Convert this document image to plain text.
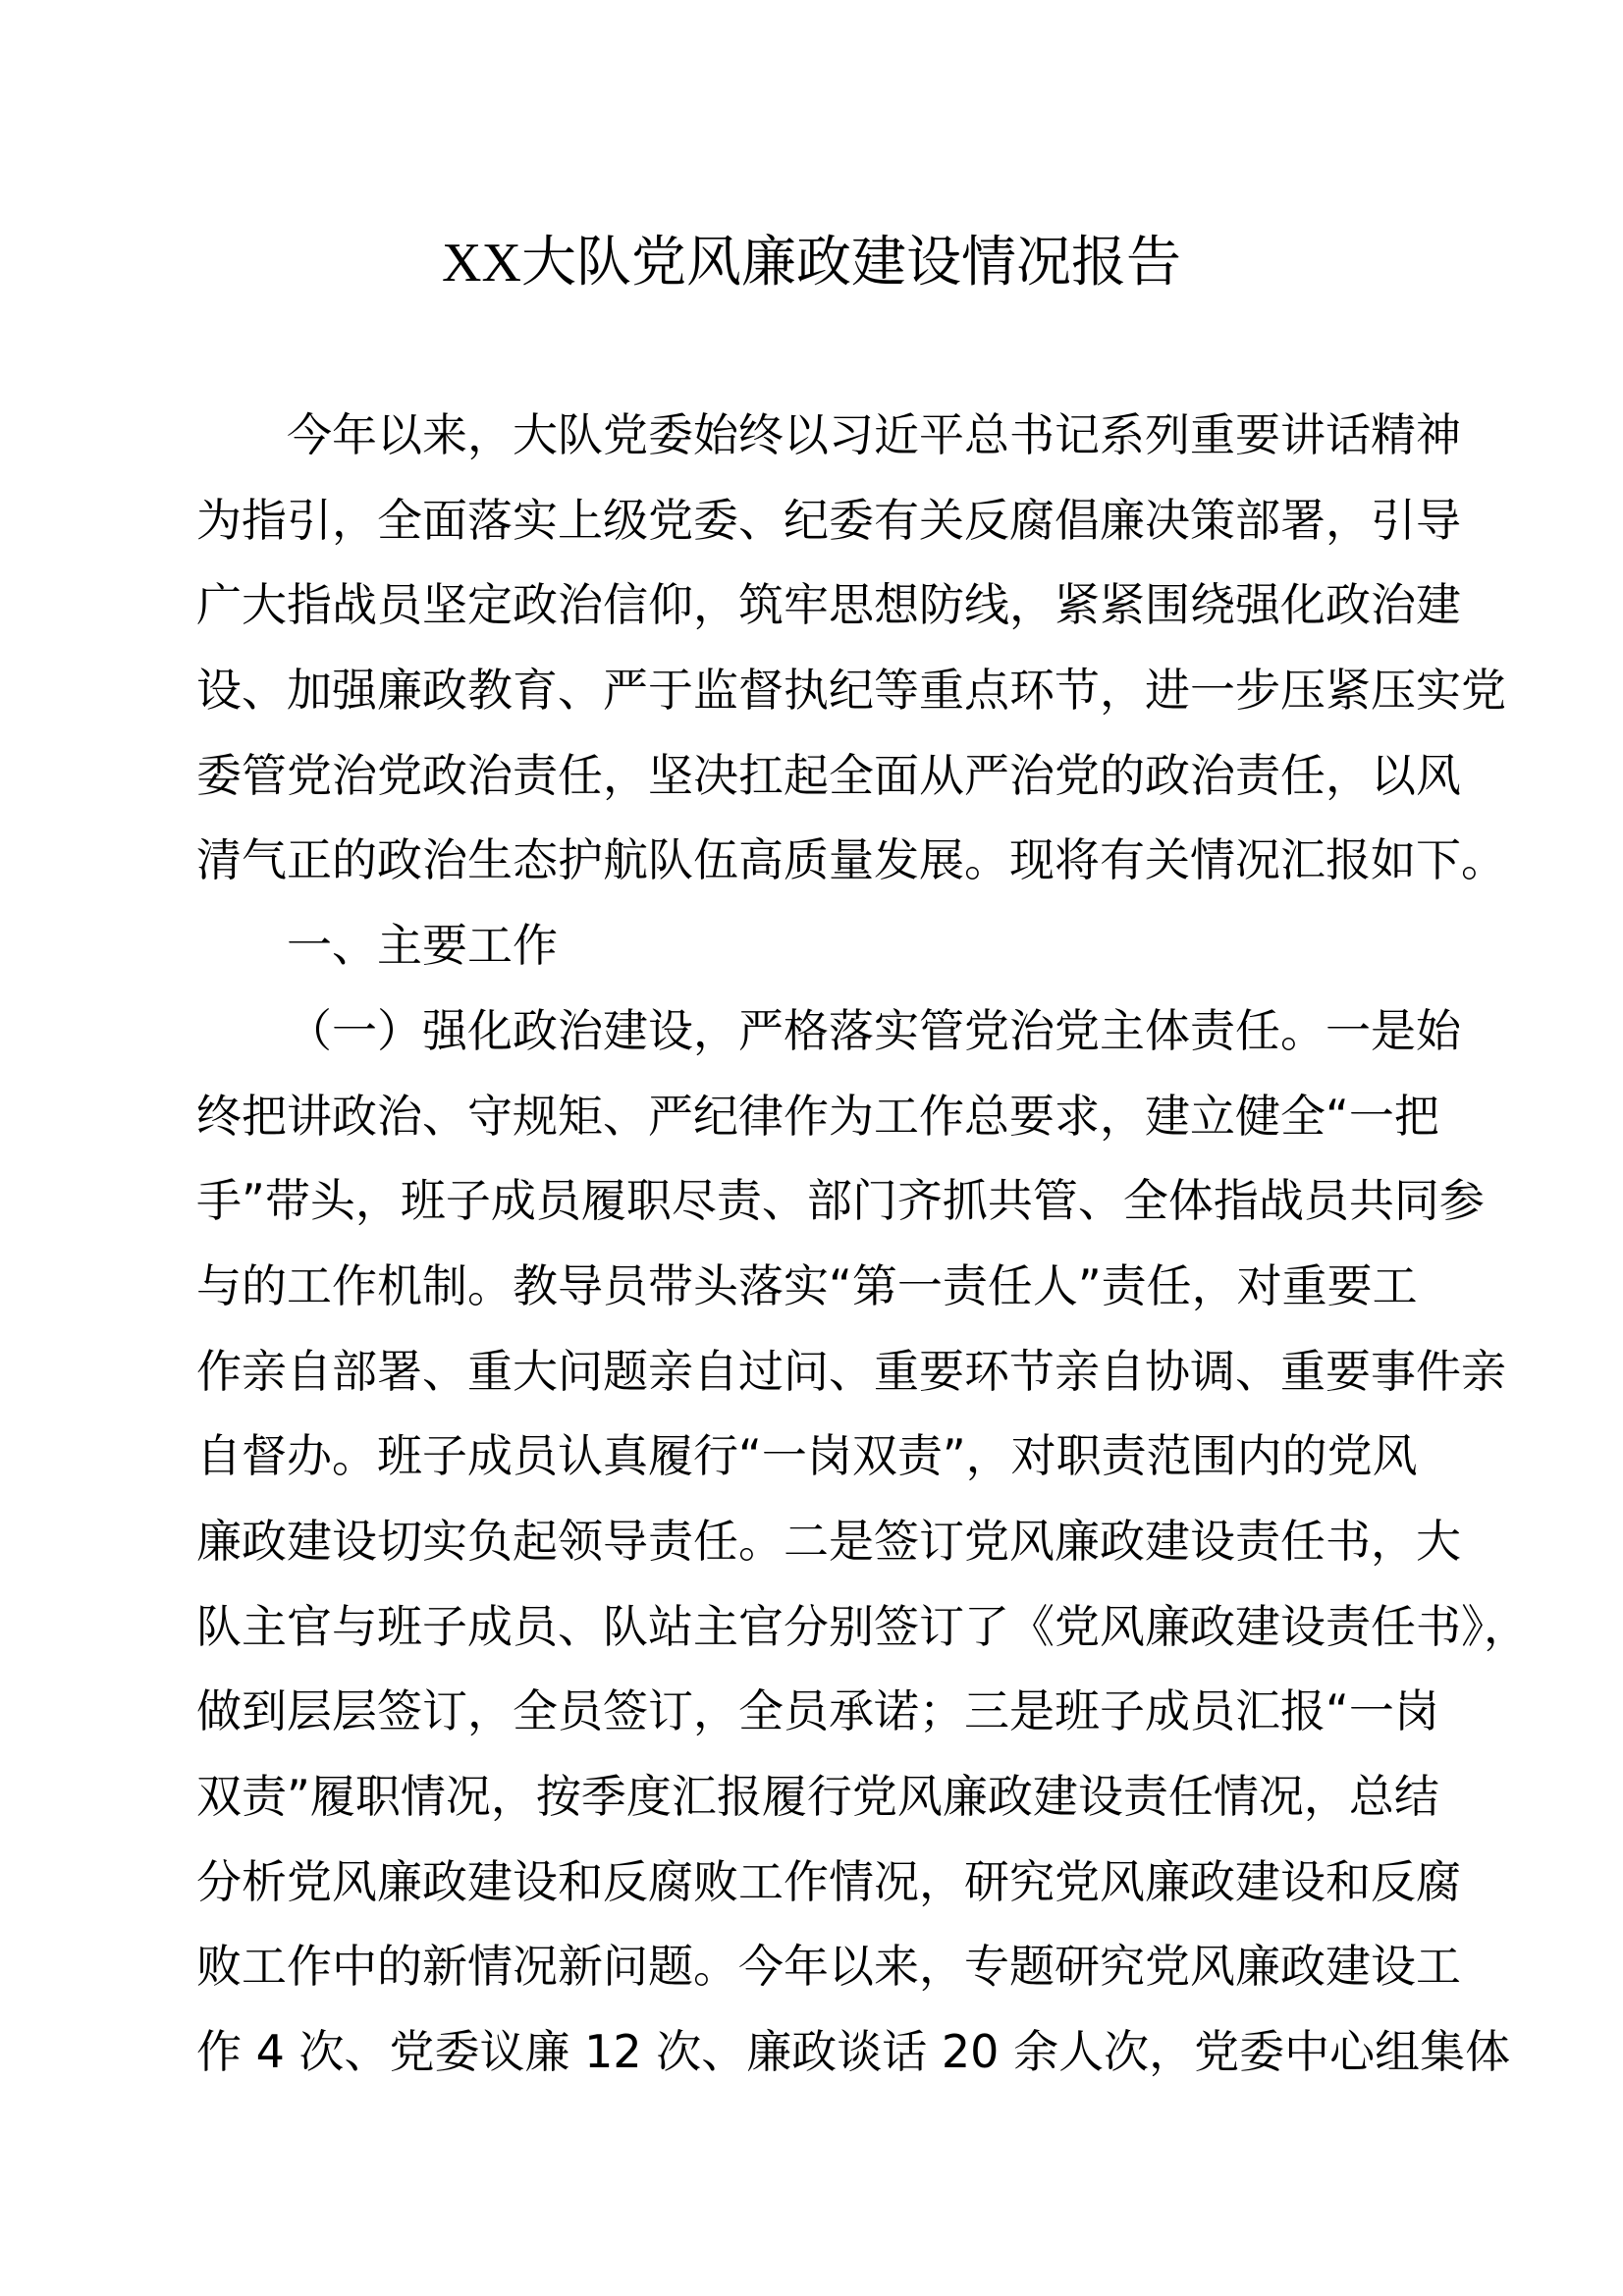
XX大队党风廉政建设情况报告
今年以来，大队党委始终以习近平总书记系列重要讲话精神
为指引，全面落实上级党委、纪委有关反腐倡廉决策部署，引导
广大指战员坚定政治信仰，筑牢思想防线，紧紧围绕强化政治建
设、加强廉政教育、严于监督执纪等重点环节，进一步压紧压实党
委管党治党政治责任，坚决扛起全面从严治党的政治责任，以风
清气正的政治生态护航队伍高质量发展。现将有关情况汇报如下。
一、主要工作
（一）强化政治建设，严格落实管党治党主体责任。一是始
终把讲政治、守规矩、严纪律作为工作总要求，建立健全“一把
手”带头，班子成员履职尽责、部门齐抓共管、全体指战员共同参
与的工作机制。教导员带头落实“第一责任人”责任，对重要工
作亲自部署、重大问题亲自过问、重要环节亲自协调、重要事件亲
自督办。班子成员认真履行“一岗双责”，对职责范围内的党风
廉政建设切实负起领导责任。二是签订党风廉政建设责任书，大
队主官与班子成员、队站主官分别签订了《党风廉政建设责任书》，
做到层层签订，全员签订，全员承诺；三是班子成员汇报“一岗
双责”履职情况，按季度汇报履行党风廉政建设责任情况，总结
分析党风廉政建设和反腐败工作情况，研究党风廉政建设和反腐
败工作中的新情况新问题。今年以来，专题研究党风廉政建设工
作 4 次、党委议廉 12 次、廉政谈话 20 余人次，党委中心组集体
